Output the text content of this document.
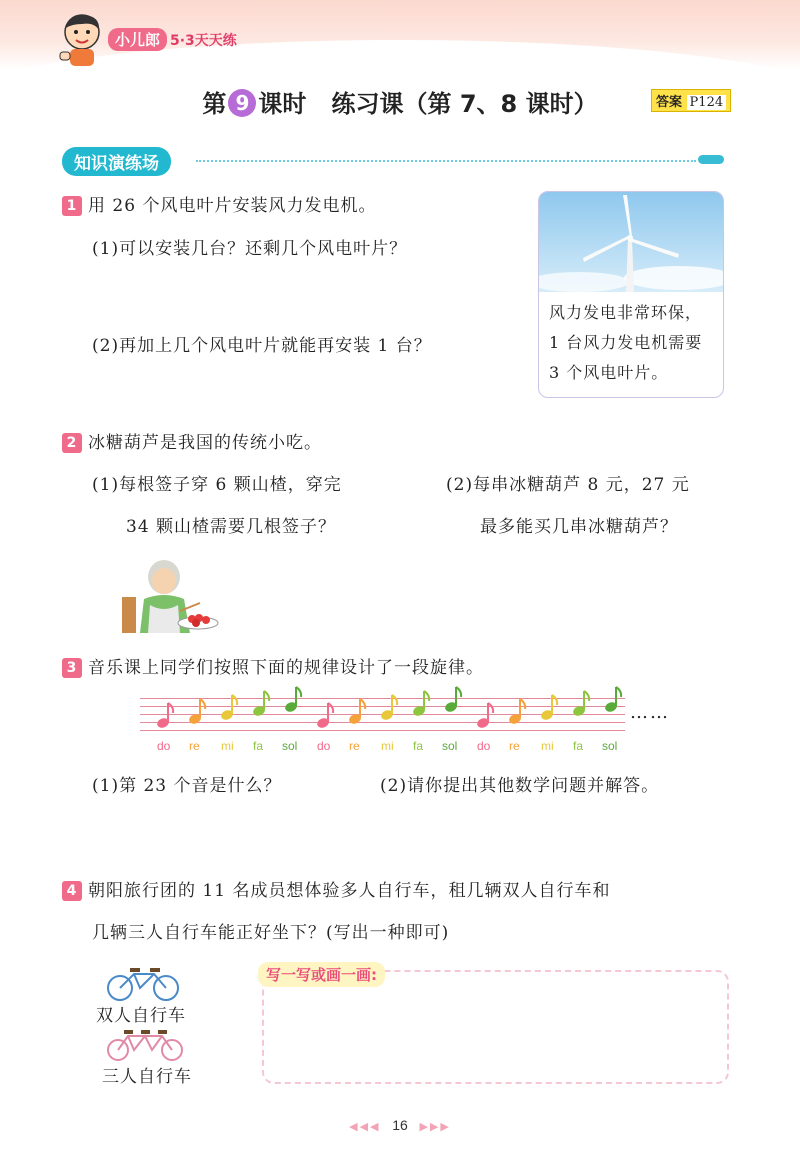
小儿郎 5·3天天练
第 9 课时 练习课（第 7、8 课时）	答案 P124
知识演练场
1 用 26 个风电叶片安装风力发电机。
(1)可以安装几台？还剩几个风电叶片？
(2)再加上几个风电叶片就能再安装 1 台？
风力发电非常环保，
1 台风力发电机需要
3 个风电叶片。
2 冰糖葫芦是我国的传统小吃。
(1)每根签子穿 6 颗山楂，穿完
34 颗山楂需要几根签子？
(2)每串冰糖葫芦 8 元，27 元
最多能买几串冰糖葫芦？
3 音乐课上同学们按照下面的规律设计了一段旋律。
do re mi fa sol do re mi fa sol do re mi fa sol
……
(1)第 23 个音是什么？	(2)请你提出其他数学问题并解答。
4 朝阳旅行团的 11 名成员想体验多人自行车，租几辆双人自行车和
几辆三人自行车能正好坐下？(写出一种即可)
双人自行车
三人自行车
写一写或画一画:
◀◀◀ 16 ▶▶▶
